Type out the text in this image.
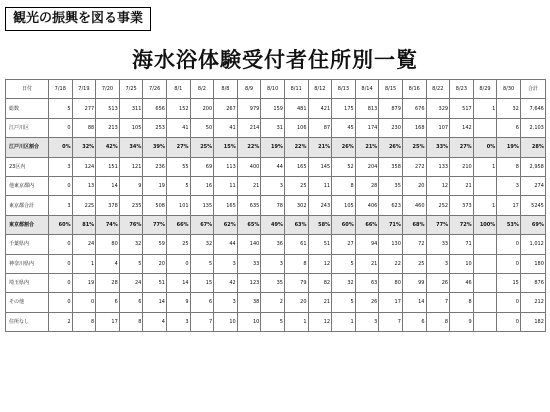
観光の振興を図る事業
海水浴体験受付者住所別一覧
日付	7/18	7/19	7/20	7/25	7/26	8/1	8/2	8/8	8/9	8/10	8/11	8/12	8/13	8/14	8/15	8/16	8/22	8/23	8/29	8/30	合計
総数	5	277	513	311	656	152	200	267	979	159	481	421	175	813	879	676	329	517	1	32	7,646
江戸川区	0	88	213	105	253	41	50	41	214	31	106	87	45	174	230	168	107	142		6	2,103
江戸川区割合	0%	32%	42%	34%	39%	27%	25%	15%	22%	19%	22%	21%	26%	21%	26%	25%	33%	27%	0%	19%	28%
23区内	3	124	151	121	236	55	69	113	400	44	165	145	52	204	358	272	133	210	1	8	2,958
他東京都内	0	13	14	9	19	5	16	11	21	3	25	11	8	28	35	20	12	21		3	274
東京都合計	3	225	378	235	508	101	135	165	635	78	302	243	105	406	623	460	252	373	1	17	5245
東京都割合	60%	81%	74%	76%	77%	66%	67%	62%	65%	49%	63%	58%	60%	66%	71%	68%	77%	72%	100%	53%	69%
千葉県内	0	24	80	32	59	25	32	44	140	36	61	51	27	94	130	72	33	71		0	1,012
神奈川県内	0	1	4	5	20	0	5	3	33	3	8	12	5	21	22	25	3	10		0	180
埼玉県内	0	19	28	24	51	14	15	42	123	35	79	82	32	63	80	99	26	46		15	876
その他	0	0	6	6	14	9	6	3	38	2	20	21	5	26	17	14	7	8		0	212
住所なし	2	8	17	8	4	3	7	10	10	5	1	12	1	3	7	6	8	9		0	182
